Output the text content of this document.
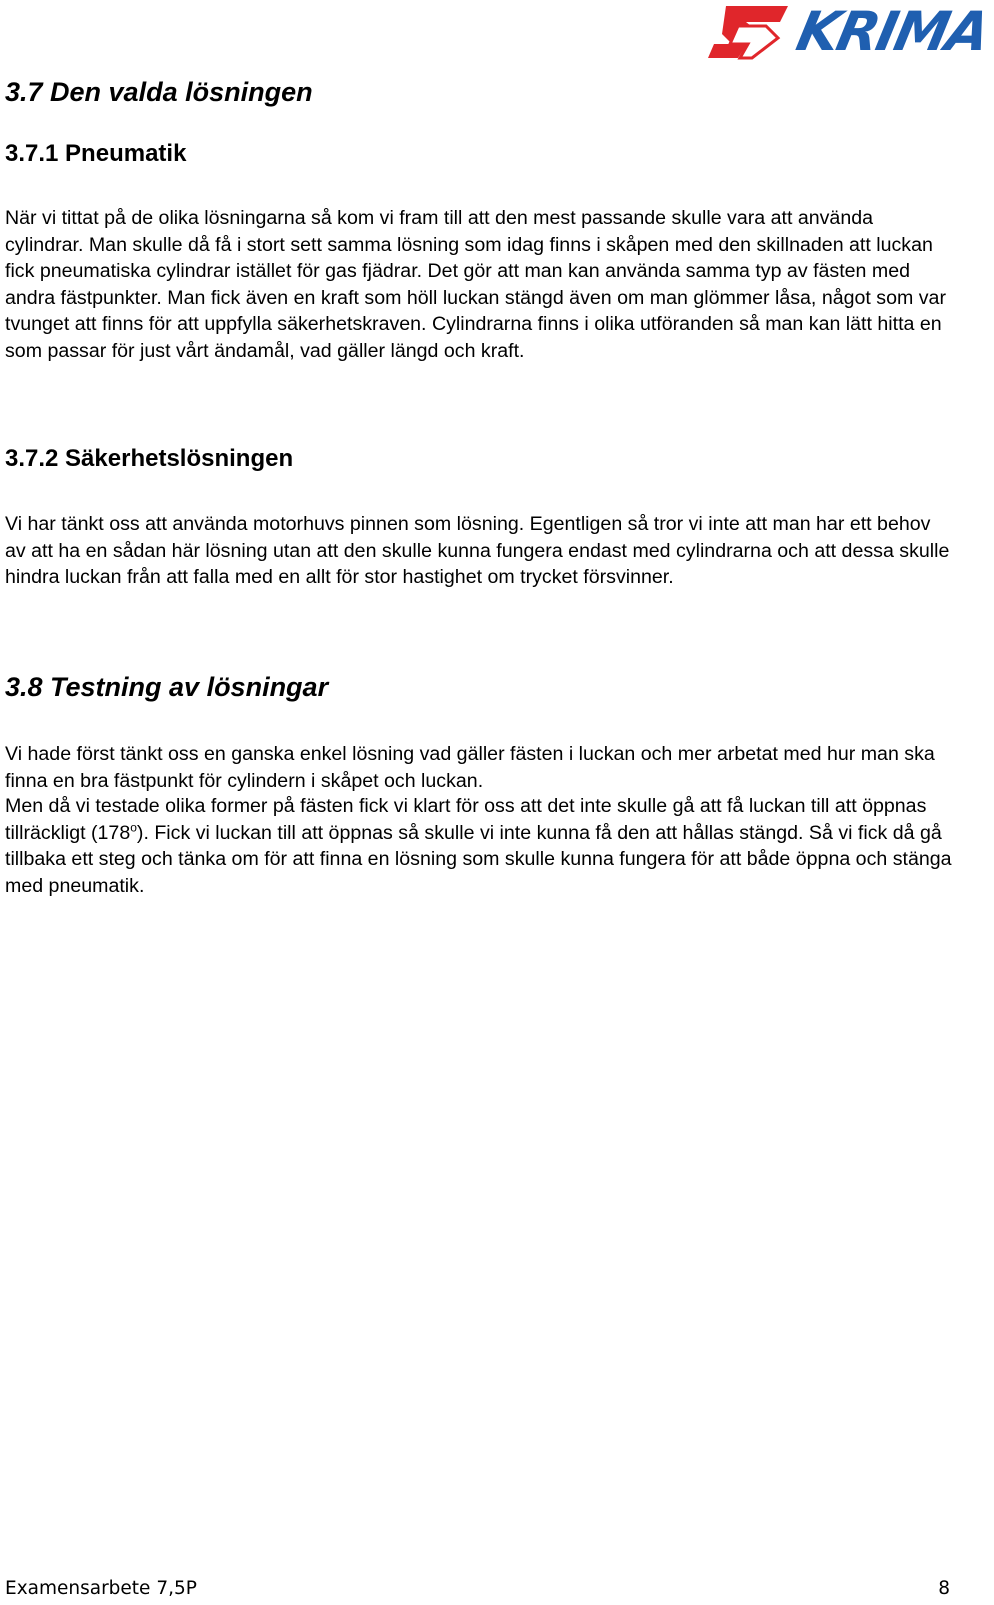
KRIMA
3.7 Den valda lösningen
3.7.1 Pneumatik

När vi tittat på de olika lösningarna så kom vi fram till att den mest passande skulle vara att använda cylindrar. Man skulle då få i stort sett samma lösning som idag finns i skåpen med den skillnaden att luckan fick pneumatiska cylindrar istället för gas fjädrar. Det gör att man kan använda samma typ av fästen med andra fästpunkter. Man fick även en kraft som höll luckan stängd även om man glömmer låsa, något som var tvunget att finns för att uppfylla säkerhetskraven. Cylindrarna finns i olika utföranden så man kan lätt hitta en som passar för just vårt ändamål, vad gäller längd och kraft.

3.7.2 Säkerhetslösningen

Vi har tänkt oss att använda motorhuvs pinnen som lösning. Egentligen så tror vi inte att man har ett behov av att ha en sådan här lösning utan att den skulle kunna fungera endast med cylindrarna och att dessa skulle hindra luckan från att falla med en allt för stor hastighet om trycket försvinner.

3.8 Testning av lösningar

Vi hade först tänkt oss en ganska enkel lösning vad gäller fästen i luckan och mer arbetat med hur man ska finna en bra fästpunkt för cylindern i skåpet och luckan.

Men då vi testade olika former på fästen fick vi klart för oss att det inte skulle gå att få luckan till att öppnas tillräckligt (178$^o$). Fick vi luckan till att öppnas så skulle vi inte kunna få den att hållas stängd. Så vi fick då gå tillbaka ett steg och tänka om för att finna en lösning som skulle kunna fungera för att både öppna och stänga med pneumatik.

Examensarbete 7,5P	8
